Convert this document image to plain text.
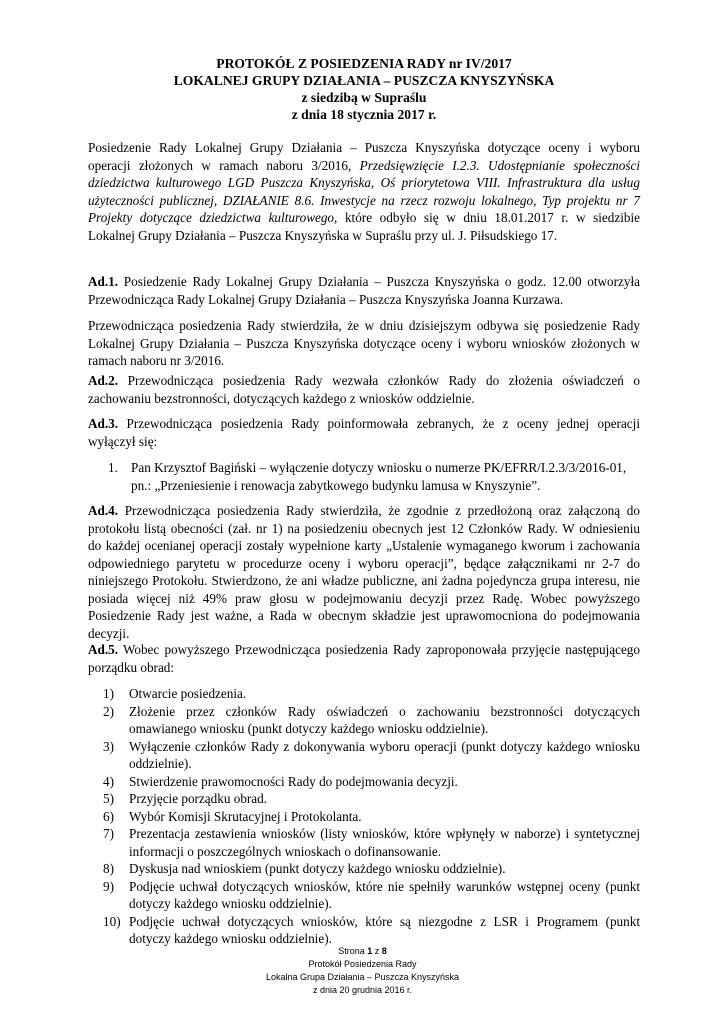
PROTOKÓŁ Z POSIEDZENIA RADY nr IV/2017
LOKALNEJ GRUPY DZIAŁANIA – PUSZCZA KNYSZYŃSKA
z siedzibą w Supraślu
z dnia 18 stycznia 2017 r.
Posiedzenie Rady Lokalnej Grupy Działania – Puszcza Knyszyńska dotyczące oceny i wyboru
operacji złożonych w ramach naboru 3/2016, Przedsięwzięcie I.2.3. Udostępnianie społeczności
dziedzictwa kulturowego LGD Puszcza Knyszyńska, Oś priorytetowa VIII. Infrastruktura dla usług
użyteczności publicznej, DZIAŁANIE 8.6. Inwestycje na rzecz rozwoju lokalnego, Typ projektu nr 7
Projekty dotyczące dziedzictwa kulturowego, które odbyło się w dniu 18.01.2017 r. w siedzibie
Lokalnej Grupy Działania – Puszcza Knyszyńska w Supraślu przy ul. J. Piłsudskiego 17.
Ad.1. Posiedzenie Rady Lokalnej Grupy Działania – Puszcza Knyszyńska o godz. 12.00 otworzyła
Przewodnicząca Rady Lokalnej Grupy Działania – Puszcza Knyszyńska Joanna Kurzawa.
Przewodnicząca posiedzenia Rady stwierdziła, że w dniu dzisiejszym odbywa się posiedzenie Rady
Lokalnej Grupy Działania – Puszcza Knyszyńska dotyczące oceny i wyboru wniosków złożonych w
ramach naboru nr 3/2016.
Ad.2. Przewodnicząca posiedzenia Rady wezwała członków Rady do złożenia oświadczeń o
zachowaniu bezstronności, dotyczących każdego z wniosków oddzielnie.
Ad.3. Przewodnicząca posiedzenia Rady poinformowała zebranych, że z oceny jednej operacji
wyłączył się:
1. Pan Krzysztof Bagiński – wyłączenie dotyczy wniosku o numerze PK/EFRR/I.2.3/3/2016-01,
pn.: „Przeniesienie i renowacja zabytkowego budynku lamusa w Knyszynie”.
Ad.4. Przewodnicząca posiedzenia Rady stwierdziła, że zgodnie z przedłożoną oraz załączoną do
protokołu listą obecności (zał. nr 1) na posiedzeniu obecnych jest 12 Członków Rady. W odniesieniu
do każdej ocenianej operacji zostały wypełnione karty „Ustalenie wymaganego kworum i zachowania
odpowiedniego parytetu w procedurze oceny i wyboru operacji”, będące załącznikami nr 2-7 do
niniejszego Protokołu. Stwierdzono, że ani władze publiczne, ani żadna pojedyncza grupa interesu, nie
posiada więcej niż 49% praw głosu w podejmowaniu decyzji przez Radę. Wobec powyższego
Posiedzenie Rady jest ważne, a Rada w obecnym składzie jest uprawomocniona do podejmowania
decyzji.
Ad.5. Wobec powyższego Przewodnicząca posiedzenia Rady zaproponowała przyjęcie następującego
porządku obrad:
1) Otwarcie posiedzenia.
2) Złożenie przez członków Rady oświadczeń o zachowaniu bezstronności dotyczących
omawianego wniosku (punkt dotyczy każdego wniosku oddzielnie).
3) Wyłączenie członków Rady z dokonywania wyboru operacji (punkt dotyczy każdego wniosku
oddzielnie).
4) Stwierdzenie prawomocności Rady do podejmowania decyzji.
5) Przyjęcie porządku obrad.
6) Wybór Komisji Skrutacyjnej i Protokolanta.
7) Prezentacja zestawienia wniosków (listy wniosków, które wpłynęły w naborze) i syntetycznej
informacji o poszczególnych wnioskach o dofinansowanie.
8) Dyskusja nad wnioskiem (punkt dotyczy każdego wniosku oddzielnie).
9) Podjęcie uchwał dotyczących wniosków, które nie spełniły warunków wstępnej oceny (punkt
dotyczy każdego wniosku oddzielnie).
10) Podjęcie uchwał dotyczących wniosków, które są niezgodne z LSR i Programem (punkt
dotyczy każdego wniosku oddzielnie).
Strona 1 z 8
Protokół Posiedzenia Rady
Lokalna Grupa Działania – Puszcza Knyszyńska
z dnia 20 grudnia 2016 r.
